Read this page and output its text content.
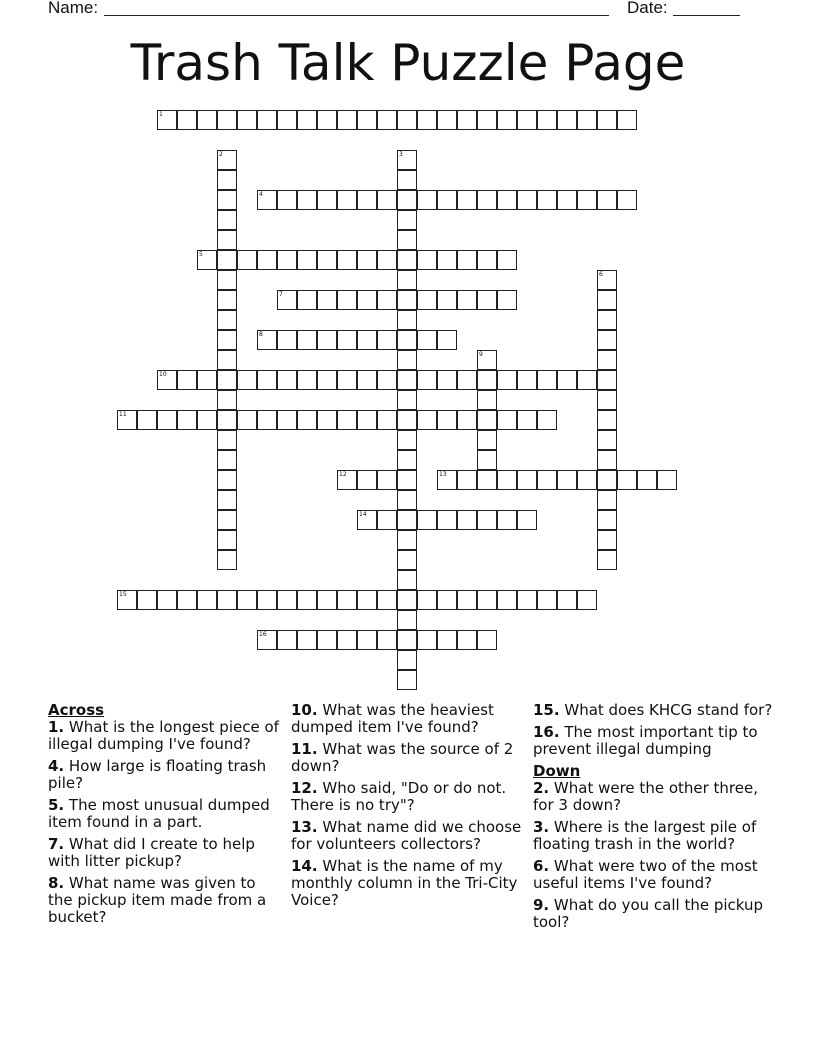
Name:	Date:
Trash Talk Puzzle Page
1
2	3
4
5
6
7
8
9
10
11
12	13
14
15
16
Across
1. What is the longest piece of illegal dumping I've found?
4. How large is floating trash pile?
5. The most unusual dumped item found in a part.
7. What did I create to help with litter pickup?
8. What name was given to the pickup item made from a bucket?
10. What was the heaviest dumped item I've found?
11. What was the source of 2 down?
12. Who said, "Do or do not. There is no try"?
13. What name did we choose for volunteers collectors?
14. What is the name of my monthly column in the Tri-City Voice?
15. What does KHCG stand for?
16. The most important tip to prevent illegal dumping
Down
2. What were the other three, for 3 down?
3. Where is the largest pile of floating trash in the world?
6. What were two of the most useful items I've found?
9. What do you call the pickup tool?
